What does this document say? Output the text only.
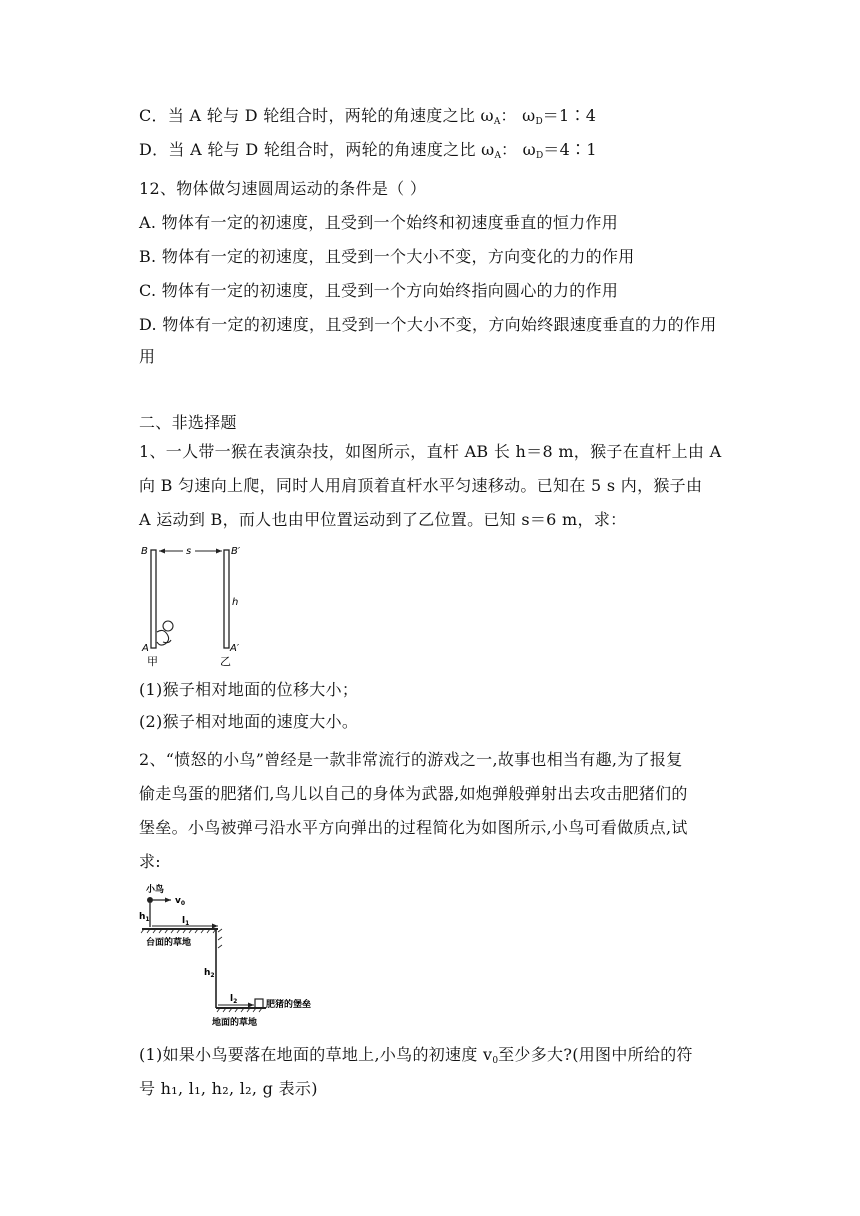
C．当 A 轮与 D 轮组合时，两轮的角速度之比 $\omega_A$： $\omega_D=1∶4$
D．当 A 轮与 D 轮组合时，两轮的角速度之比 $\omega_A$： $\omega_D=4∶1$
12、物体做匀速圆周运动的条件是（ ）
A. 物体有一定的初速度，且受到一个始终和初速度垂直的恒力作用
B. 物体有一定的初速度，且受到一个大小不变，方向变化的力的作用
C. 物体有一定的初速度，且受到一个方向始终指向圆心的力的作用
D. 物体有一定的初速度，且受到一个大小不变，方向始终跟速度垂直的力的作用
用
二、非选择题
1、一人带一猴在表演杂技，如图所示，直杆 AB 长 h＝8 m，猴子在直杆上由 A
向 B 匀速向上爬，同时人用肩顶着直杆水平匀速移动。已知在 5 s 内，猴子由
A 运动到 B，而人也由甲位置运动到了乙位置。已知 s＝6 m，求：
B	B′
s
h
A	A′
甲	乙
(1)猴子相对地面的位移大小；
(2)猴子相对地面的速度大小。
2、“愤怒的小鸟”曾经是一款非常流行的游戏之一,故事也相当有趣,为了报复
偷走鸟蛋的肥猪们,鸟儿以自己的身体为武器,如炮弹般弹射出去攻击肥猪们的
堡垒。小鸟被弹弓沿水平方向弹出的过程简化为如图所示,小鸟可看做质点,试
求:
小鸟
$v_0$
$h_1$	$l_1$
台面的草地
$h_2$
$l_2$	肥猪的堡垒
地面的草地
(1)如果小鸟要落在地面的草地上,小鸟的初速度 $v_0$至少多大?(用图中所给的符
号 h₁, l₁, h₂, l₂, g 表示)
